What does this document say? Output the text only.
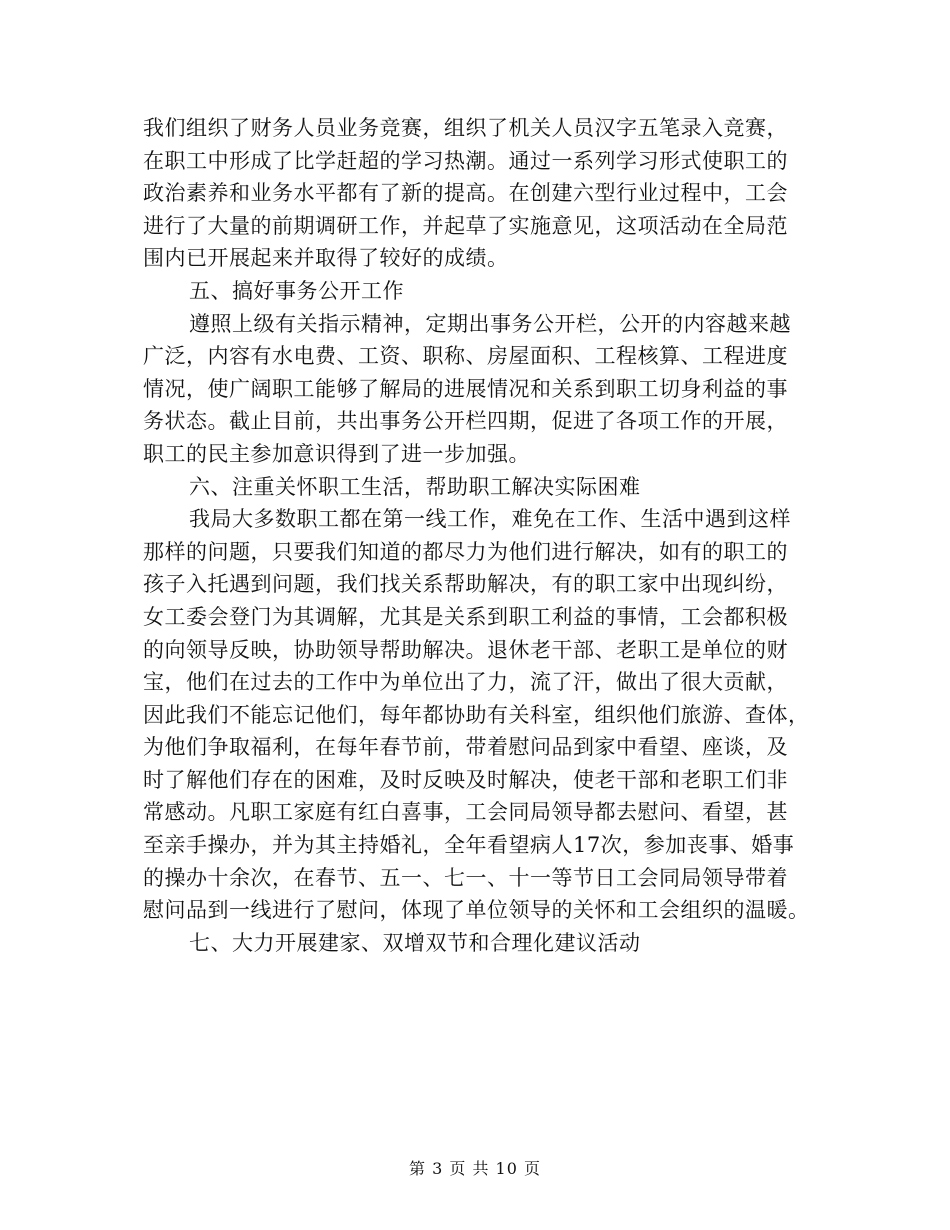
我们组织了财务人员业务竞赛，组织了机关人员汉字五笔录入竞赛，
在职工中形成了比学赶超的学习热潮。通过一系列学习形式使职工的
政治素养和业务水平都有了新的提高。在创建六型行业过程中，工会
进行了大量的前期调研工作，并起草了实施意见，这项活动在全局范
围内已开展起来并取得了较好的成绩。
五、搞好事务公开工作
遵照上级有关指示精神，定期出事务公开栏，公开的内容越来越
广泛，内容有水电费、工资、职称、房屋面积、工程核算、工程进度
情况，使广阔职工能够了解局的进展情况和关系到职工切身利益的事
务状态。截止目前，共出事务公开栏四期，促进了各项工作的开展，
职工的民主参加意识得到了进一步加强。
六、注重关怀职工生活，帮助职工解决实际困难
我局大多数职工都在第一线工作，难免在工作、生活中遇到这样
那样的问题，只要我们知道的都尽力为他们进行解决，如有的职工的
孩子入托遇到问题，我们找关系帮助解决，有的职工家中出现纠纷，
女工委会登门为其调解，尤其是关系到职工利益的事情，工会都积极
的向领导反映，协助领导帮助解决。退休老干部、老职工是单位的财
宝，他们在过去的工作中为单位出了力，流了汗，做出了很大贡献，
因此我们不能忘记他们，每年都协助有关科室，组织他们旅游、查体，
为他们争取福利，在每年春节前，带着慰问品到家中看望、座谈，及
时了解他们存在的困难，及时反映及时解决，使老干部和老职工们非
常感动。凡职工家庭有红白喜事，工会同局领导都去慰问、看望，甚
至亲手操办，并为其主持婚礼，全年看望病人17次，参加丧事、婚事
的操办十余次，在春节、五一、七一、十一等节日工会同局领导带着
慰问品到一线进行了慰问，体现了单位领导的关怀和工会组织的温暖。
七、大力开展建家、双增双节和合理化建议活动

第 3 页 共 10 页
